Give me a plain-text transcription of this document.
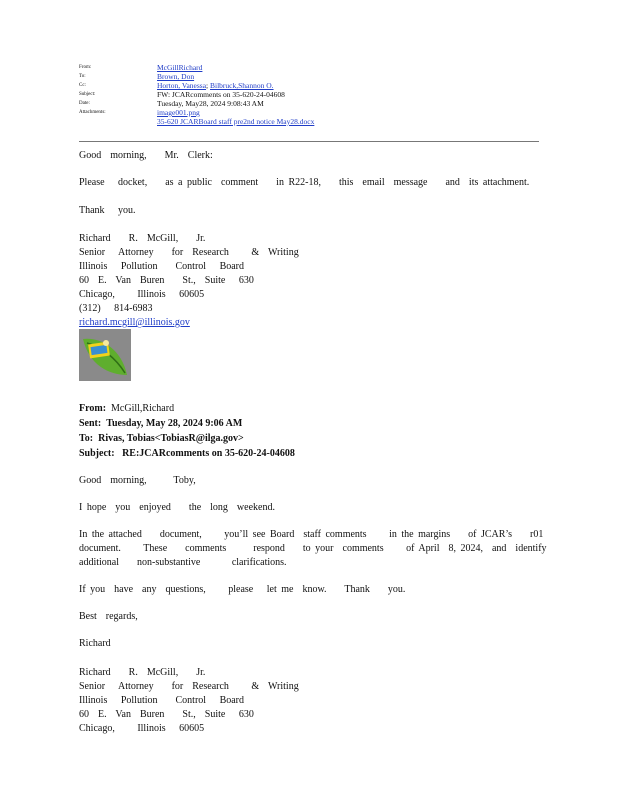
From:	McGillRichard
To:	Brown, Don
Cc:	Horton, Vanessa; Bilbruck,Shannon O.
Subject:	FW: JCARcomments on 35-620-24-04608
Date:	Tuesday, May28, 2024 9:08:43 AM
Attachments:	image001.png
35-620 JCARBoard staff pre2nd notice May28.docx
Good  morning,    Mr.  Clerk:
Please   docket,    as a public  comment    in R22-18,    this  email  message    and  its attachment.
Thank   you.
Richard    R.  McGill,    Jr.
Senior   Attorney    for  Research     &  Writing
Illinois   Pollution    Control   Board
60  E.  Van  Buren    St.,  Suite   630
Chicago,     Illinois   60605
(312)   814-6983
richard.mcgill@illinois.gov
From: McGill,Richard
Sent: Tuesday, May 28, 2024 9:06 AM
To: Rivas, Tobias<TobiasR@ilga.gov>
Subject: RE:JCARcomments on 35-620-24-04608
Good  morning,      Toby,
I hope  you  enjoyed    the  long  weekend.
In the attached    document,     you’ll see Board  staff comments     in the margins    of JCAR’s    r01
document.     These    comments      respond    to your  comments     of April  8, 2024,  and  identify
additional    non-substantive       clarifications.
If you  have  any  questions,     please   let me  know.    Thank    you.
Best  regards,
Richard
Richard    R.  McGill,    Jr.
Senior   Attorney    for  Research     &  Writing
Illinois   Pollution    Control   Board
60  E.  Van  Buren    St.,  Suite   630
Chicago,     Illinois   60605
